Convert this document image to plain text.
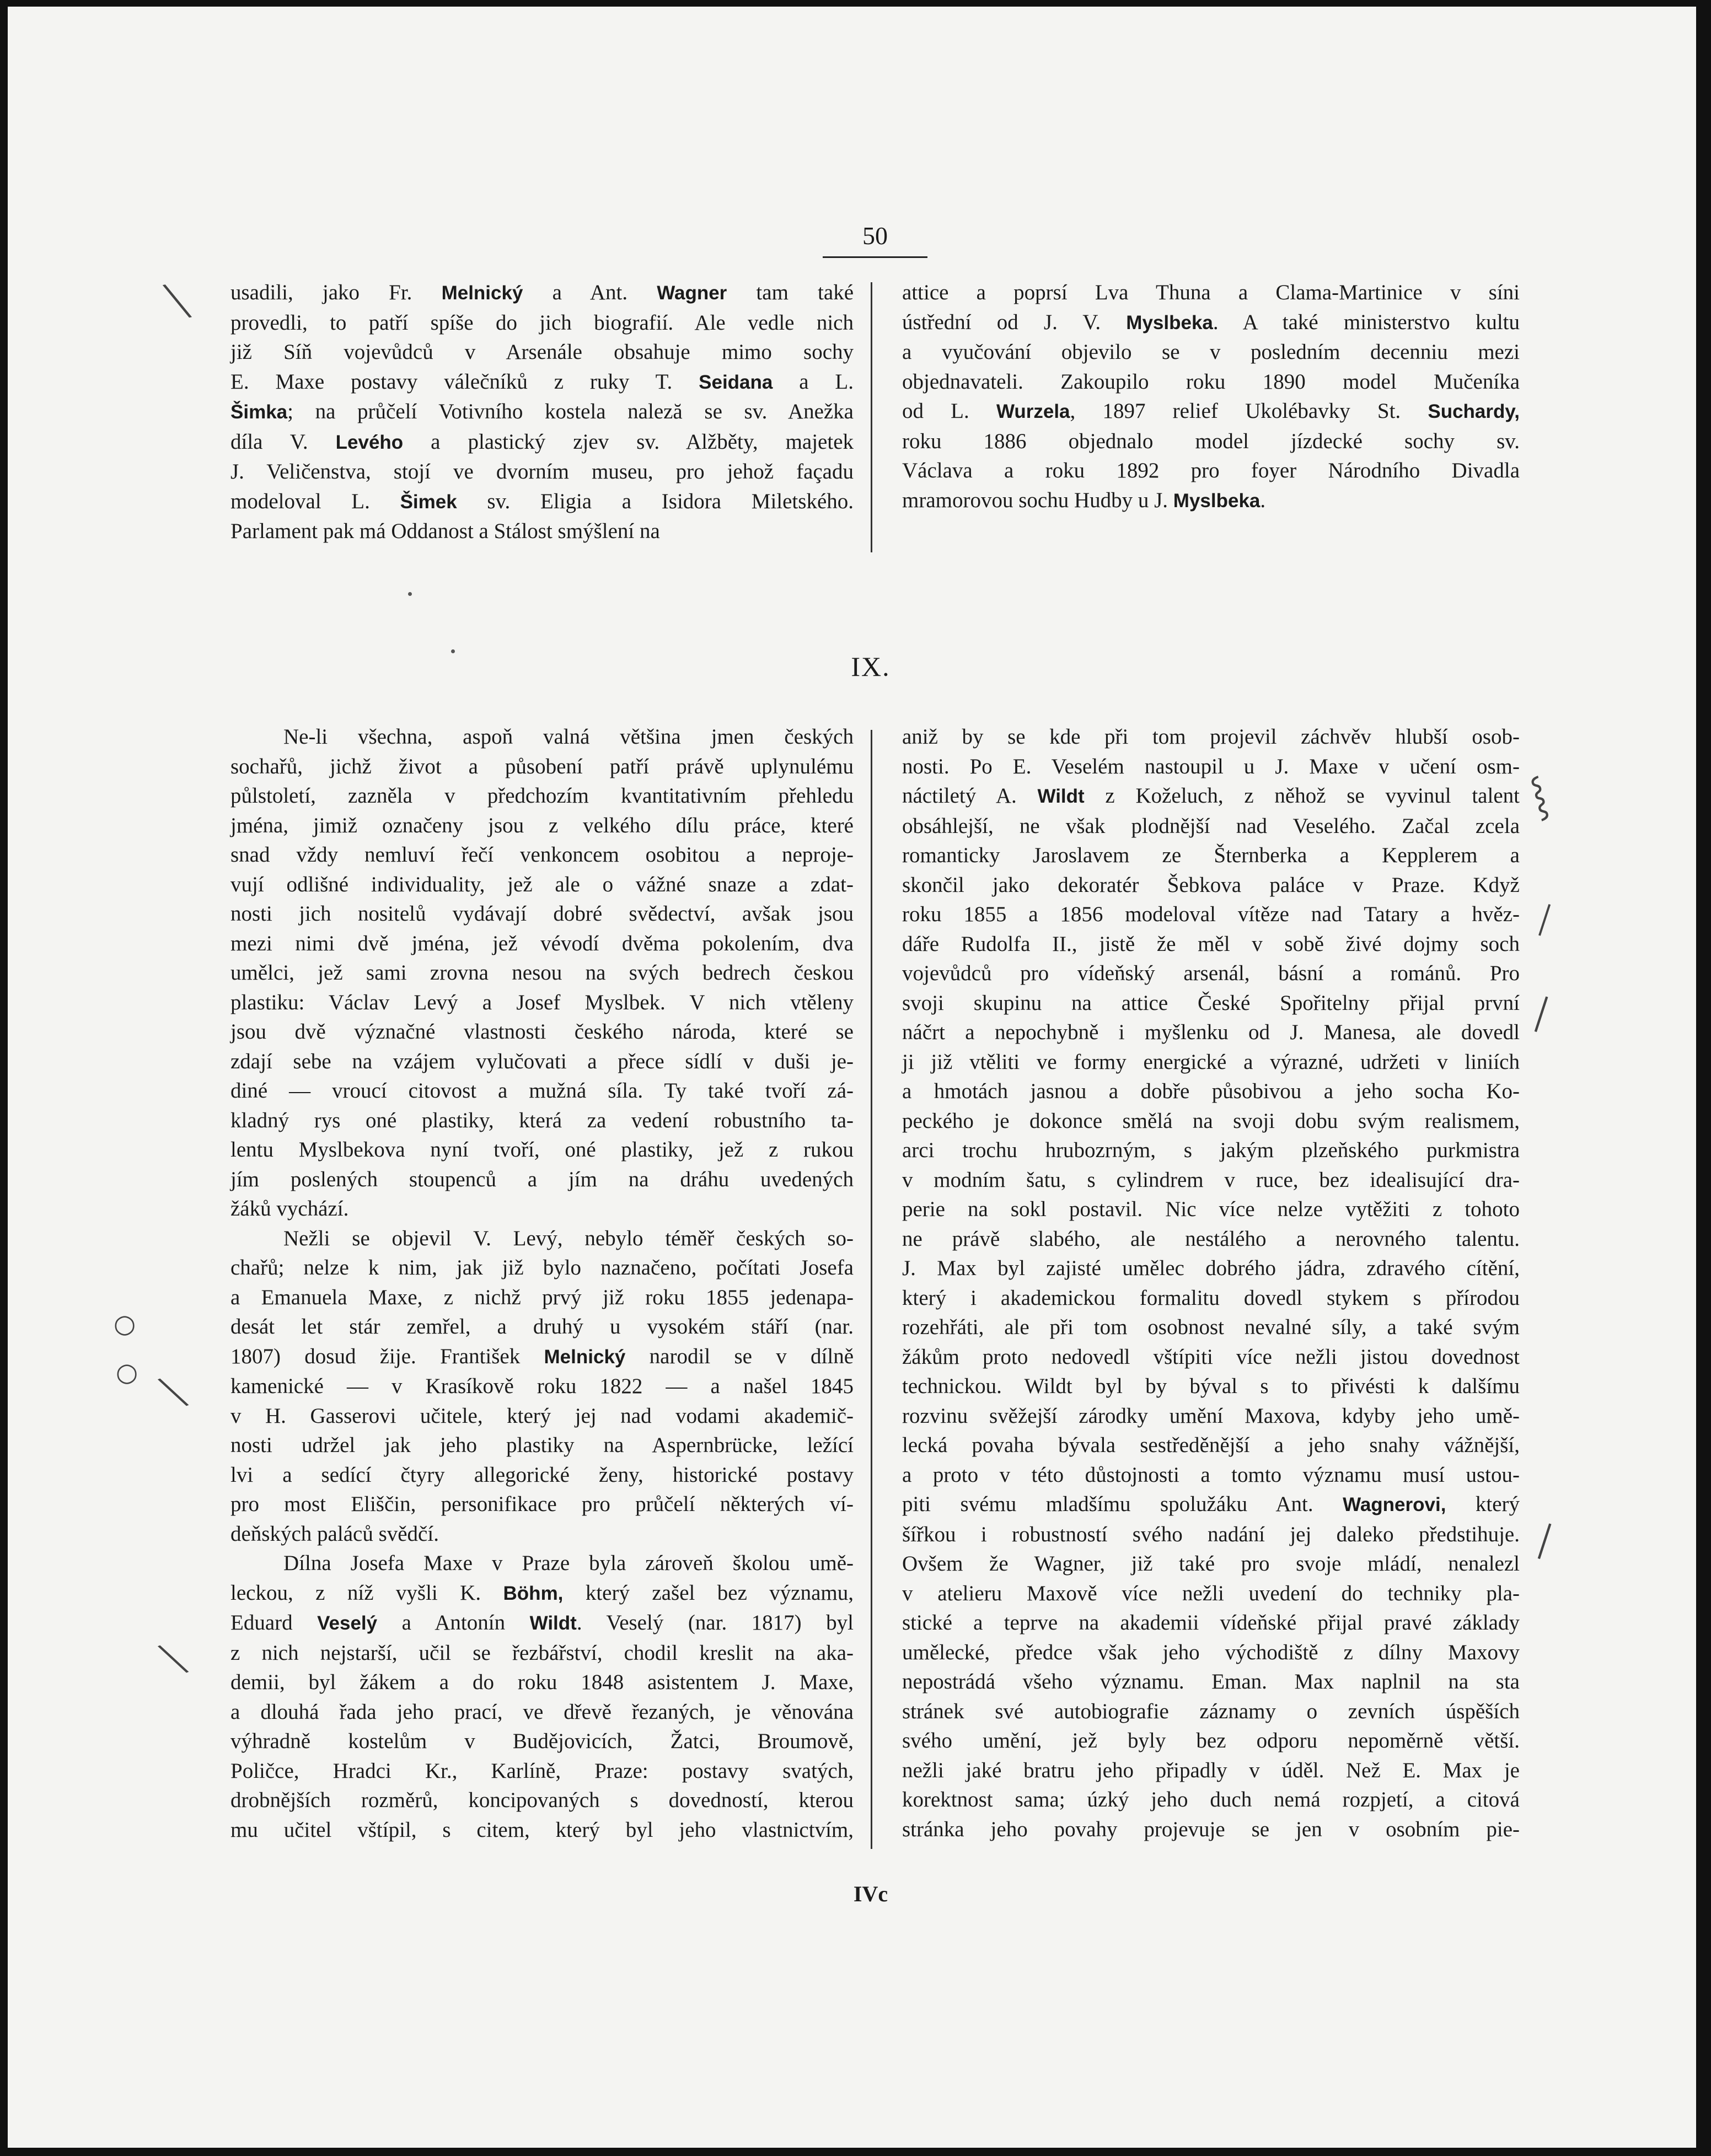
50
usadili, jako Fr. Melnický a Ant. Wagner tam také
provedli, to patří spíše do jich biografií. Ale vedle nich
již Síň vojevůdců v Arsenále obsahuje mimo sochy
E. Maxe postavy válečníků z ruky T. Seidana a L.
Šimka; na průčelí Votivního kostela naleză se sv. Anežka
díla V. Levého a plastický zjev sv. Alžběty, majetek
J. Veličenstva, stojí ve dvorním museu, pro jehož façadu
modeloval L. Šimek sv. Eligia a Isidora Miletského.
Parlament pak má Oddanost a Stálost smýšlení na
attice a poprsí Lva Thuna a Clama-Martinice v síni
ústřední od J. V. Myslbeka. A také ministerstvo kultu
a vyučování objevilo se v posledním decenniu mezi
objednavateli. Zakoupilo roku 1890 model Mučeníka
od L. Wurzela, 1897 relief Ukolébavky St. Suchardy,
roku 1886 objednalo model jízdecké sochy sv.
Václava a roku 1892 pro foyer Národního Divadla
mramorovou sochu Hudby u J. Myslbeka.
IX.
Ne-li všechna, aspoň valná většina jmen českých
sochařů, jichž život a působení patří právě uplynulému
půlstoletí, zazněla v předchozím kvantitativním přehledu
jména, jimiž označeny jsou z velkého dílu práce, které
snad vždy nemluví řečí venkoncem osobitou a neproje-
vují odlišné individuality, jež ale o vážné snaze a zdat-
nosti jich nositelů vydávají dobré svědectví, avšak jsou
mezi nimi dvě jména, jež vévodí dvěma pokolením, dva
umělci, jež sami zrovna nesou na svých bedrech českou
plastiku: Václav Levý a Josef Myslbek. V nich vtěleny
jsou dvě význačné vlastnosti českého národa, které se
zdají sebe na vzájem vylučovati a přece sídlí v duši je-
diné — vroucí citovost a mužná síla. Ty také tvoří zá-
kladný rys oné plastiky, která za vedení robustního ta-
lentu Myslbekova nyní tvoří, oné plastiky, jež z rukou
jím poslených stoupenců a jím na dráhu uvedených
žáků vychází.
Nežli se objevil V. Levý, nebylo téměř českých so-
chařů; nelze k nim, jak již bylo naznačeno, počítati Josefa
a Emanuela Maxe, z nichž prvý již roku 1855 jedenapa-
desát let stár zemřel, a druhý u vysokém stáří (nar.
1807) dosud žije. František Melnický narodil se v dílně
kamenické — v Krasíkově roku 1822 — a našel 1845
v H. Gasserovi učitele, který jej nad vodami akademič-
nosti udržel jak jeho plastiky na Aspernbrücke, ležící
lvi a sedící čtyry allegorické ženy, historické postavy
pro most Eliščin, personifikace pro průčelí některých ví-
deňských paláců svědčí.
Dílna Josefa Maxe v Praze byla zároveň školou umě-
leckou, z níž vyšli K. Böhm, který zašel bez významu,
Eduard Veselý a Antonín Wildt. Veselý (nar. 1817) byl
z nich nejstarší, učil se řezbářství, chodil kreslit na aka-
demii, byl žákem a do roku 1848 asistentem J. Maxe,
a dlouhá řada jeho prací, ve dřevě řezaných, je věnována
výhradně kostelům v Budějovicích, Žatci, Broumově,
Poličce, Hradci Kr., Karlíně, Praze: postavy svatých,
drobnějších rozměrů, koncipovaných s dovedností, kterou
mu učitel vštípil, s citem, který byl jeho vlastnictvím,
aniž by se kde při tom projevil záchvěv hlubší osob-
nosti. Po E. Veselém nastoupil u J. Maxe v učení osm-
náctiletý A. Wildt z Koželuch, z něhož se vyvinul talent
obsáhlejší, ne však plodnější nad Veselého. Začal zcela
romanticky Jaroslavem ze Šternberka a Kepplerem a
skončil jako dekoratér Šebkova paláce v Praze. Když
roku 1855 a 1856 modeloval vítěze nad Tatary a hvěz-
dáře Rudolfa II., jistě že měl v sobě živé dojmy soch
vojevůdců pro vídeňský arsenál, básní a románů. Pro
svoji skupinu na attice České Spořitelny přijal první
náčrt a nepochybně i myšlenku od J. Manesa, ale dovedl
ji již vtěliti ve formy energické a výrazné, udržeti v liniích
a hmotách jasnou a dobře působivou a jeho socha Ko-
peckého je dokonce smělá na svoji dobu svým realismem,
arci trochu hrubozrným, s jakým plzeňského purkmistra
v modním šatu, s cylindrem v ruce, bez idealisující dra-
perie na sokl postavil. Nic více nelze vytěžiti z tohoto
ne právě slabého, ale nestálého a nerovného talentu.
J. Max byl zajisté umělec dobrého jádra, zdravého cítění,
který i akademickou formalitu dovedl stykem s přírodou
rozehřáti, ale při tom osobnost nevalné síly, a také svým
žákům proto nedovedl vštípiti více nežli jistou dovednost
technickou. Wildt byl by býval s to přivésti k dalšímu
rozvinu svěžejší zárodky umění Maxova, kdyby jeho umě-
lecká povaha bývala sestředěnější a jeho snahy vážnější,
a proto v této důstojnosti a tomto významu musí ustou-
piti svému mladšímu spolužáku Ant. Wagnerovi, který
šířkou i robustností svého nadání jej daleko předstihuje.
Ovšem že Wagner, již také pro svoje mládí, nenalezl
v atelieru Maxově více nežli uvedení do techniky pla-
stické a teprve na akademii vídeňské přijal pravé základy
umělecké, předce však jeho východiště z dílny Maxovy
nepostrádá všeho významu. Eman. Max naplnil na sta
stránek své autobiografie záznamy o zevních úspěších
svého umění, jež byly bez odporu nepoměrně větší.
nežli jaké bratru jeho připadly v úděl. Než E. Max je
korektnost sama; úzký jeho duch nemá rozpjetí, a citová
stránka jeho povahy projevuje se jen v osobním pie-
IVc
╲
○
○
╲
╲
⸾
│
│
│
